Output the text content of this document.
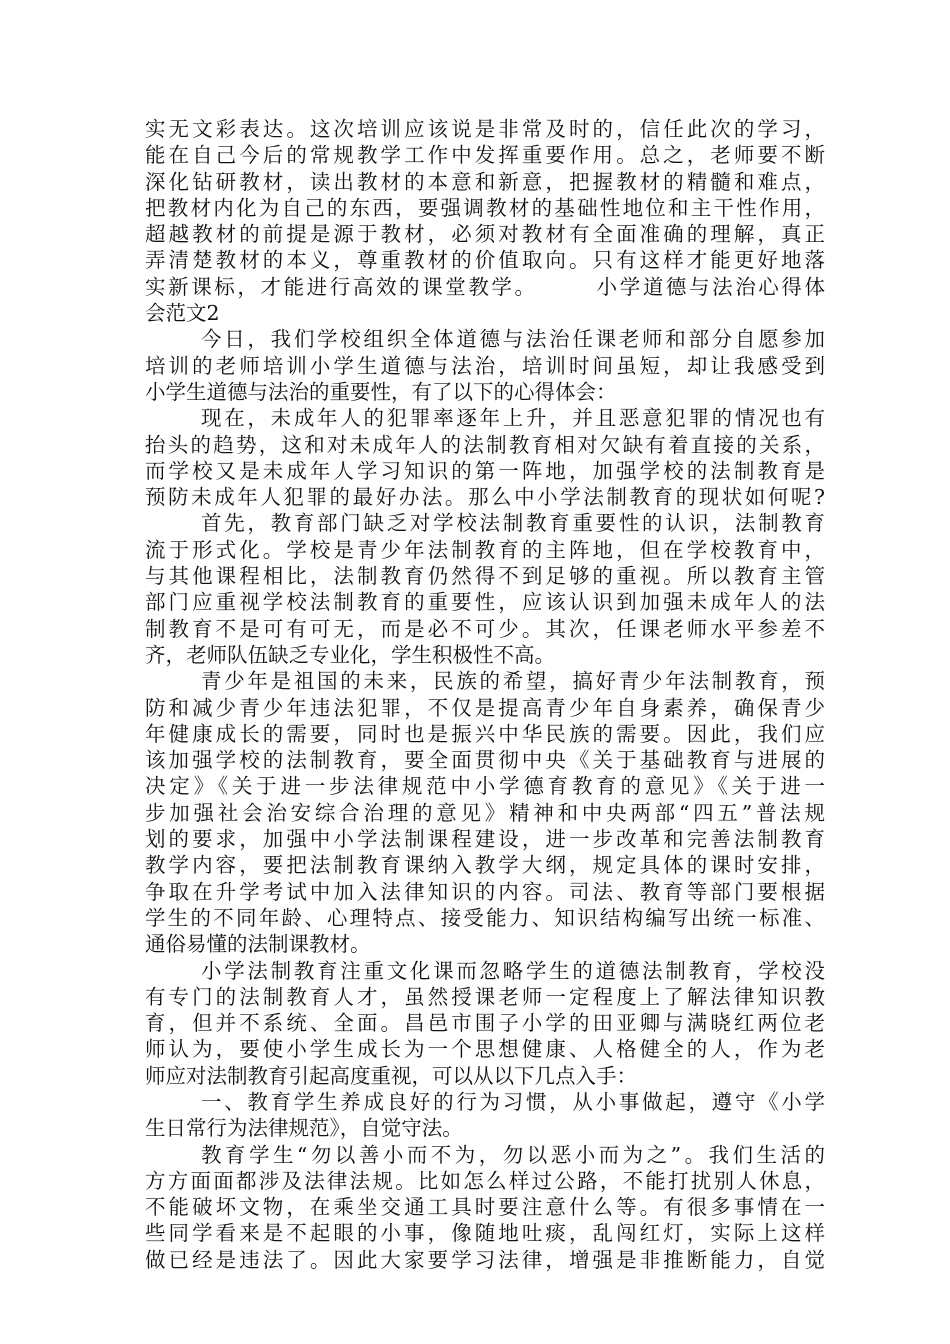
实无文彩表达。这次培训应该说是非常及时的，信任此次的学习，
能在自己今后的常规教学工作中发挥重要作用。总之，老师要不断
深化钻研教材，读出教材的本意和新意，把握教材的精髓和难点，
把教材内化为自己的东西，要强调教材的基础性地位和主干性作用，
超越教材的前提是源于教材，必须对教材有全面准确的理解，真正
弄清楚教材的本义，尊重教材的价值取向。只有这样才能更好地落
实新课标，才能进行高效的课堂教学。　　　小学道德与法治心得体
会范文2
今日，我们学校组织全体道德与法治任课老师和部分自愿参加
培训的老师培训小学生道德与法治，培训时间虽短，却让我感受到
小学生道德与法治的重要性，有了以下的心得体会：
现在，未成年人的犯罪率逐年上升，并且恶意犯罪的情况也有
抬头的趋势，这和对未成年人的法制教育相对欠缺有着直接的关系，
而学校又是未成年人学习知识的第一阵地，加强学校的法制教育是
预防未成年人犯罪的最好办法。那么中小学法制教育的现状如何呢?
首先，教育部门缺乏对学校法制教育重要性的认识，法制教育
流于形式化。学校是青少年法制教育的主阵地，但在学校教育中，
与其他课程相比，法制教育仍然得不到足够的重视。所以教育主管
部门应重视学校法制教育的重要性，应该认识到加强未成年人的法
制教育不是可有可无，而是必不可少。其次，任课老师水平参差不
齐，老师队伍缺乏专业化，学生积极性不高。
青少年是祖国的未来，民族的希望，搞好青少年法制教育，预
防和减少青少年违法犯罪，不仅是提高青少年自身素养，确保青少
年健康成长的需要，同时也是振兴中华民族的需要。因此，我们应
该加强学校的法制教育，要全面贯彻中央《关于基础教育与进展的
决定》《关于进一步法律规范中小学德育教育的意见》《关于进一
步加强社会治安综合治理的意见》精神和中央两部“四五”普法规
划的要求，加强中小学法制课程建设，进一步改革和完善法制教育
教学内容，要把法制教育课纳入教学大纲，规定具体的课时安排，
争取在升学考试中加入法律知识的内容。司法、教育等部门要根据
学生的不同年龄、心理特点、接受能力、知识结构编写出统一标准、
通俗易懂的法制课教材。
小学法制教育注重文化课而忽略学生的道德法制教育，学校没
有专门的法制教育人才，虽然授课老师一定程度上了解法律知识教
育，但并不系统、全面。昌邑市围子小学的田亚卿与满晓红两位老
师认为，要使小学生成长为一个思想健康、人格健全的人，作为老
师应对法制教育引起高度重视，可以从以下几点入手：
一、教育学生养成良好的行为习惯，从小事做起，遵守《小学
生日常行为法律规范》，自觉守法。
教育学生“勿以善小而不为，勿以恶小而为之”。我们生活的
方方面面都涉及法律法规。比如怎么样过公路，不能打扰别人休息，
不能破坏文物，在乘坐交通工具时要注意什么等。有很多事情在一
些同学看来是不起眼的小事，像随地吐痰，乱闯红灯，实际上这样
做已经是违法了。因此大家要学习法律，增强是非推断能力，自觉
